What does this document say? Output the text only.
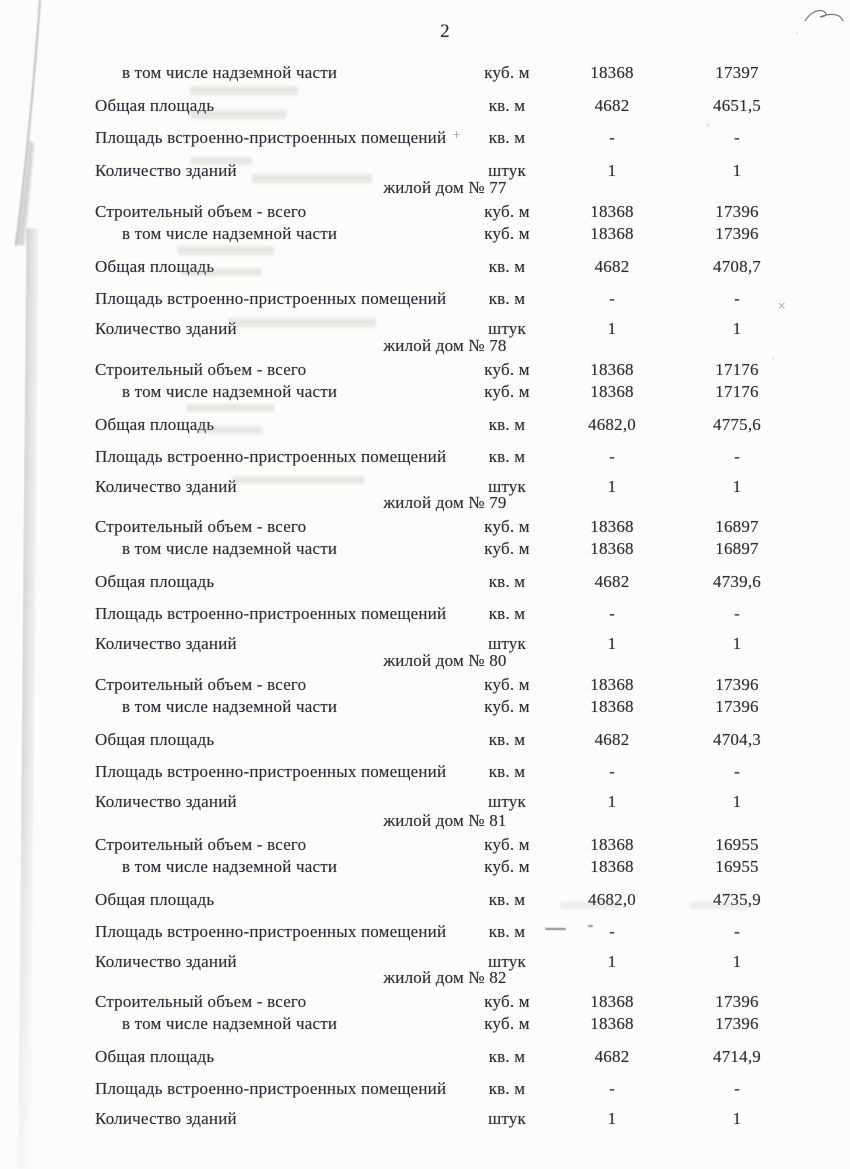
’
2
в том числе надземной части	куб. м	18368	17397
Общая площадь	кв. м	4682	4651,5
Площадь встроенно-пристроенных помещений	кв. м	-	-
Количество зданий	штук	1	1
жилой дом № 77
Строительный объем - всего	куб. м	18368	17396
в том числе надземной части	куб. м	18368	17396
Общая площадь	кв. м	4682	4708,7
Площадь встроенно-пристроенных помещений	кв. м	-	-
Количество зданий	штук	1	1
жилой дом № 78
Строительный объем - всего	куб. м	18368	17176
в том числе надземной части	куб. м	18368	17176
Общая площадь	кв. м	4682,0	4775,6
Площадь встроенно-пристроенных помещений	кв. м	-	-
Количество зданий	штук	1	1
жилой дом № 79
Строительный объем - всего	куб. м	18368	16897
в том числе надземной части	куб. м	18368	16897
Общая площадь	кв. м	4682	4739,6
Площадь встроенно-пристроенных помещений	кв. м	-	-
Количество зданий	штук	1	1
жилой дом № 80
Строительный объем - всего	куб. м	18368	17396
в том числе надземной части	куб. м	18368	17396
Общая площадь	кв. м	4682	4704,3
Площадь встроенно-пристроенных помещений	кв. м	-	-
Количество зданий	штук	1	1
жилой дом № 81
Строительный объем - всего	куб. м	18368	16955
в том числе надземной части	куб. м	18368	16955
Общая площадь	кв. м	4682,0	4735,9
Площадь встроенно-пристроенных помещений	кв. м	-	-
Количество зданий	штук	1	1
жилой дом № 82
Строительный объем - всего	куб. м	18368	17396
в том числе надземной части	куб. м	18368	17396
Общая площадь	кв. м	4682	4714,9
Площадь встроенно-пристроенных помещений	кв. м	-	-
Количество зданий	штук	1	1
+	°
×
´
